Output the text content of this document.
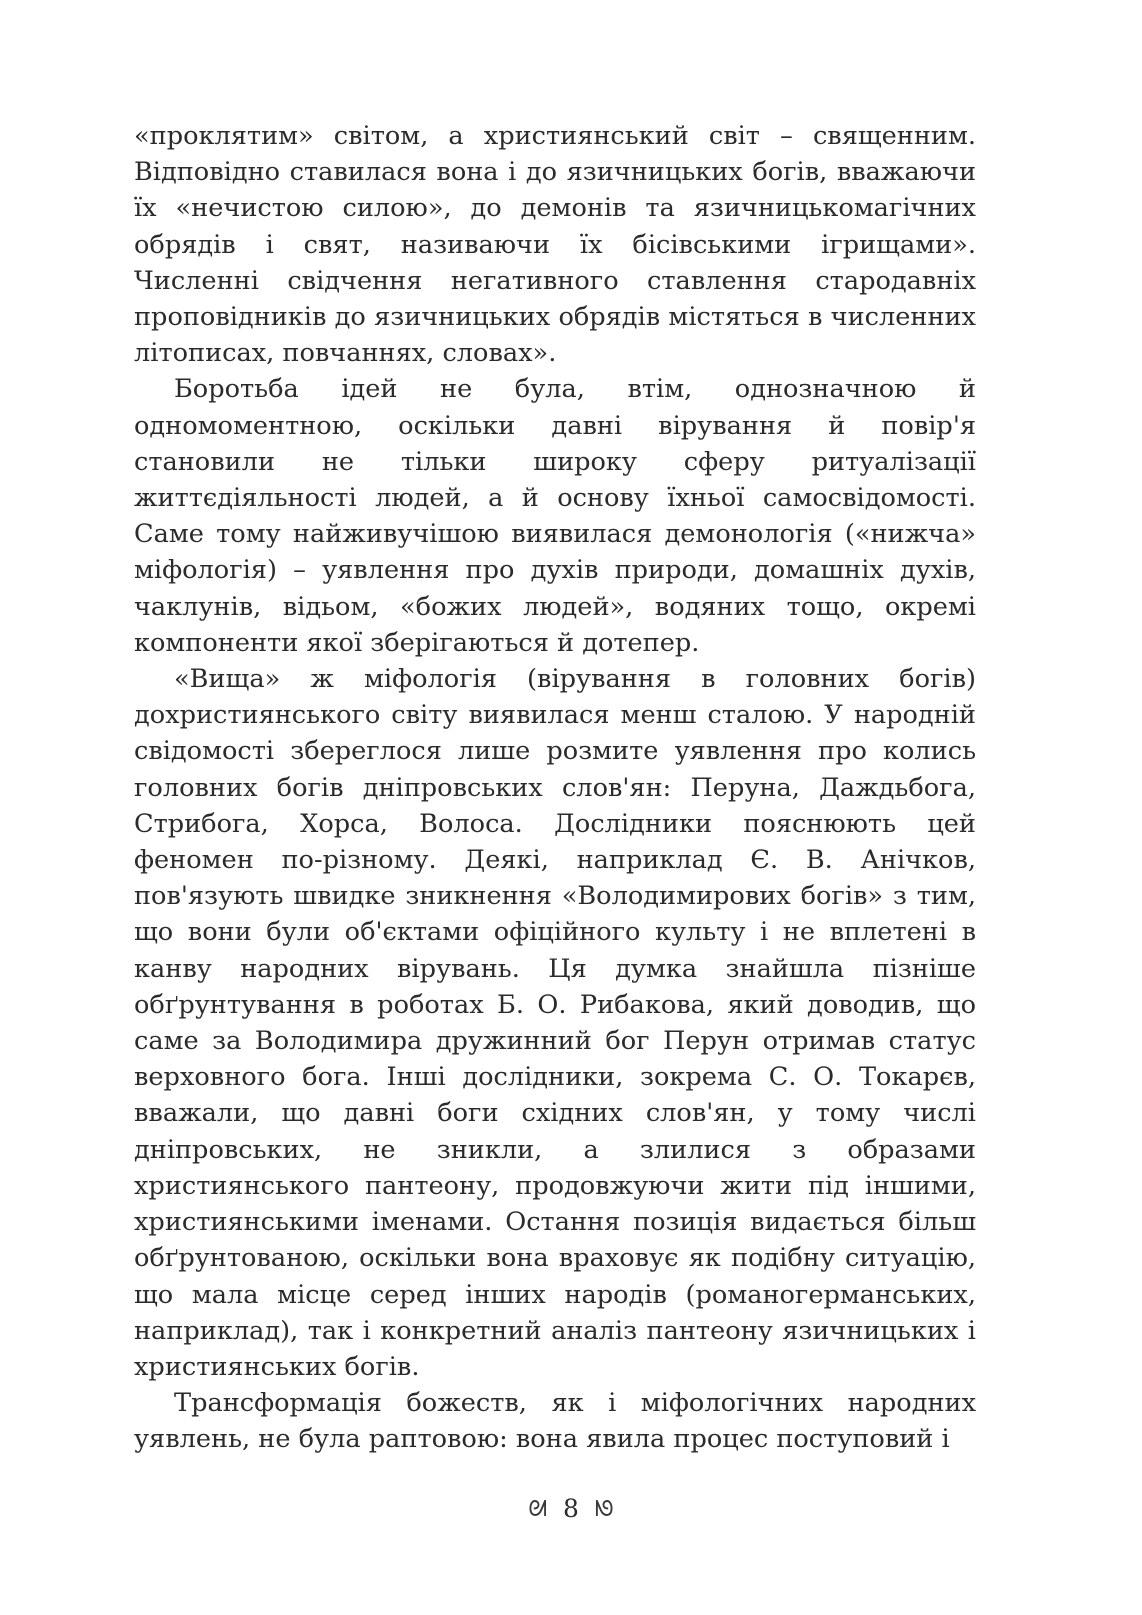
«проклятим» світом, а християнський світ – священним. Відповідно ставилася вона і до язичницьких богів, вважаючи їх «нечистою силою», до демонів та язичницькомагічних обрядів і свят, називаючи їх бісівськими ігрищами». Численні свідчення негативного ставлення стародавніх проповідників до язичницьких обрядів містяться в численних літописах, повчаннях, словах».

Боротьба ідей не була, втім, однозначною й одномоментною, оскільки давні вірування й повір'я становили не тільки широку сферу ритуалізації життєдіяльності людей, а й основу їхньої самосвідомості. Саме тому найживучішою виявилася демонологія («нижча» міфологія) – уявлення про духів природи, домашніх духів, чаклунів, відьом, «божих людей», водяних тощо, окремі компоненти якої зберігаються й дотепер.

«Вища» ж міфологія (вірування в головних богів) дохристиянського світу виявилася менш сталою. У народній свідомості збереглося лише розмите уявлення про колись головних богів дніпровських слов'ян: Перуна, Даждьбога, Стрибога, Хорса, Волоса. Дослідники пояснюють цей феномен по-різному. Деякі, наприклад Є. В. Анічков, пов'язують швидке зникнення «Володимирових богів» з тим, що вони були об'єктами офіційного культу і не вплетені в канву народних вірувань. Ця думка знайшла пізніше обґрунтування в роботах Б. О. Рибакова, який доводив, що саме за Володимира дружинний бог Перун отримав статус верховного бога. Інші дослідники, зокрема С. О. Токарєв, вважали, що давні боги східних слов'ян, у тому числі дніпровських, не зникли, а злилися з образами християнського пантеону, продовжуючи жити під іншими, християнськими іменами. Остання позиція видається більш обґрунтованою, оскільки вона враховує як подібну ситуацію, що мала місце серед інших народів (романогерманських, наприклад), так і конкретний аналіз пантеону язичницьких і християнських богів.

Трансформація божеств, як і міфологічних народних уявлень, не була раптовою: вона явила процес поступовий і

ᘛ 8 ᘚ
